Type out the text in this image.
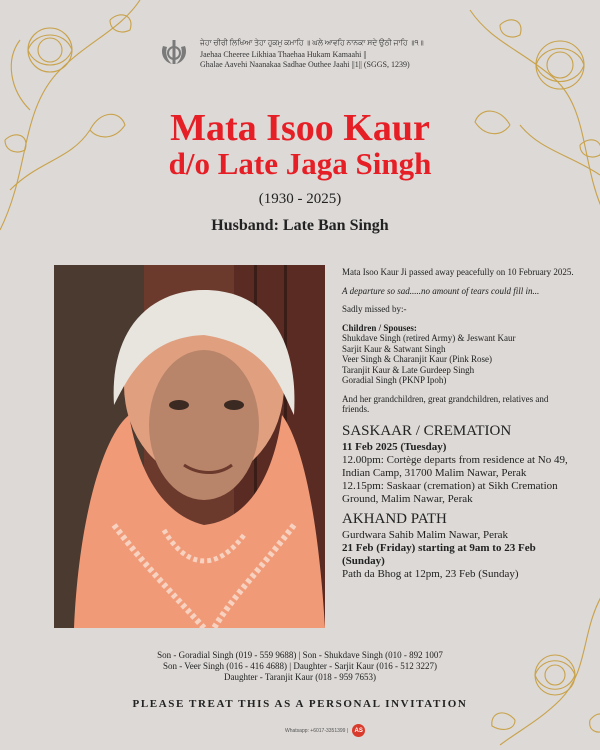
ਜੇਹਾ ਚੀਰੀ ਲਿਖਿਆ ਤੇਹਾ ਹੁਕਮੁ ਕਮਾਹਿ ॥ ਘਲੇ ਆਵਹਿ ਨਾਨਕਾ ਸਦੇ ਉਠੀ ਜਾਹਿ ॥੧॥
Jaehaa Cheeree Likhiaa Thaehaa Hukam Kamaahi ||
Ghalae Aavehi Naanakaa Sadhae Outhee Jaahi ||1|| (SGGS, 1239)
Mata Isoo Kaur
d/o Late Jaga Singh
(1930 - 2025)
Husband: Late Ban Singh

Mata Isoo Kaur Ji passed away peacefully on 10 February 2025.

A departure so sad.....no amount of tears could fill in...

Sadly missed by:-

Children / Spouses:
Shukdave Singh (retired Army) & Jeswant Kaur
Sarjit Kaur & Satwant Singh
Veer Singh & Charanjit Kaur (Pink Rose)
Taranjit Kaur & Late Gurdeep Singh
Goradial Singh (PKNP Ipoh)

And her grandchildren, great grandchildren, relatives and friends.

SASKAAR / CREMATION
11 Feb 2025 (Tuesday)
12.00pm: Cortège departs from residence at No 49, Indian Camp, 31700 Malim Nawar, Perak
12.15pm: Saskaar (cremation) at Sikh Cremation Ground, Malim Nawar, Perak
AKHAND PATH
Gurdwara Sahib Malim Nawar, Perak
21 Feb (Friday) starting at 9am to 23 Feb (Sunday)
Path da Bhog at 12pm, 23 Feb (Sunday)
Son - Goradial Singh (019 - 559 9688) | Son - Shukdave Singh (010 - 892 1007
Son - Veer Singh (016 - 416 4688) | Daughter - Sarjit Kaur (016 - 512 3227)
Daughter - Taranjit Kaur (018 - 959 7653)
PLEASE TREAT THIS AS A PERSONAL INVITATION
Whatsapp: +6017-3351399 |	AS
